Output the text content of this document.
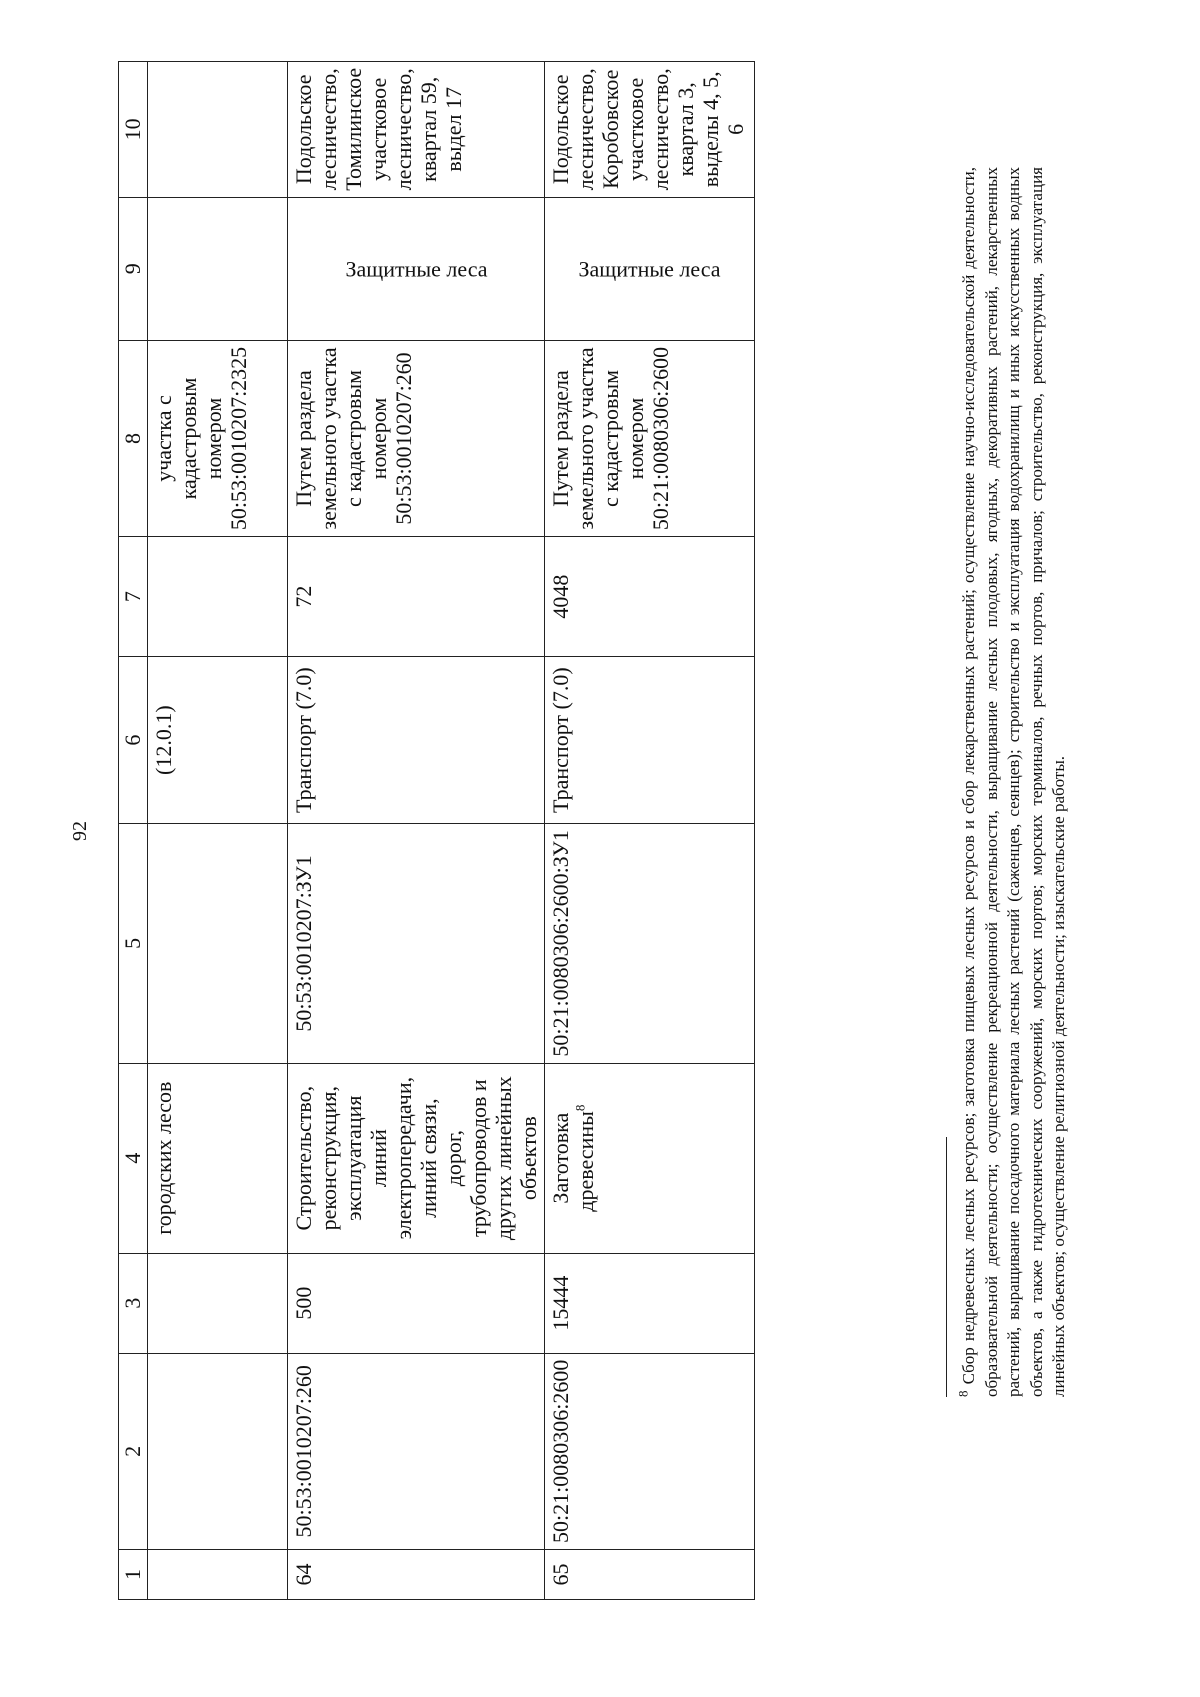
92
1	2	3	4	5	6	7	8	9	10
			городских лесов		(12.0.1)		участка с кадастровым номером 50:53:0010207:2325		
64	50:53:0010207:260	500	Строительство, реконструкция, эксплуатация линий электропередачи, линий связи, дорог, трубопроводов и других линейных объектов	50:53:0010207:ЗУ1	Транспорт (7.0)	72	Путем раздела земельного участка с кадастровым номером 50:53:0010207:260	Защитные леса	Подольское лесничество, Томилинское участковое лесничество, квартал 59, выдел 17
65	50:21:0080306:2600	15444	Заготовка древесины$^8$	50:21:0080306:2600:ЗУ1	Транспорт (7.0)	4048	Путем раздела земельного участка с кадастровым номером 50:21:0080306:2600	Защитные леса	Подольское лесничество, Коробовское участковое лесничество, квартал 3, выделы 4, 5, 6
$^8$ Сбор недревесных лесных ресурсов; заготовка пищевых лесных ресурсов и сбор лекарственных растений; осуществление научно-исследовательской деятельности, образовательной деятельности; осуществление рекреационной деятельности, выращивание лесных плодовых, ягодных, декоративных растений, лекарственных растений, выращивание посадочного материала лесных растений (саженцев, сеянцев); строительство и эксплуатация водохранилищ и иных искусственных водных объектов, а также гидротехнических сооружений, морских портов; морских терминалов, речных портов, причалов; строительство, реконструкция, эксплуатация линейных объектов; осуществление религиозной деятельности; изыскательские работы.
